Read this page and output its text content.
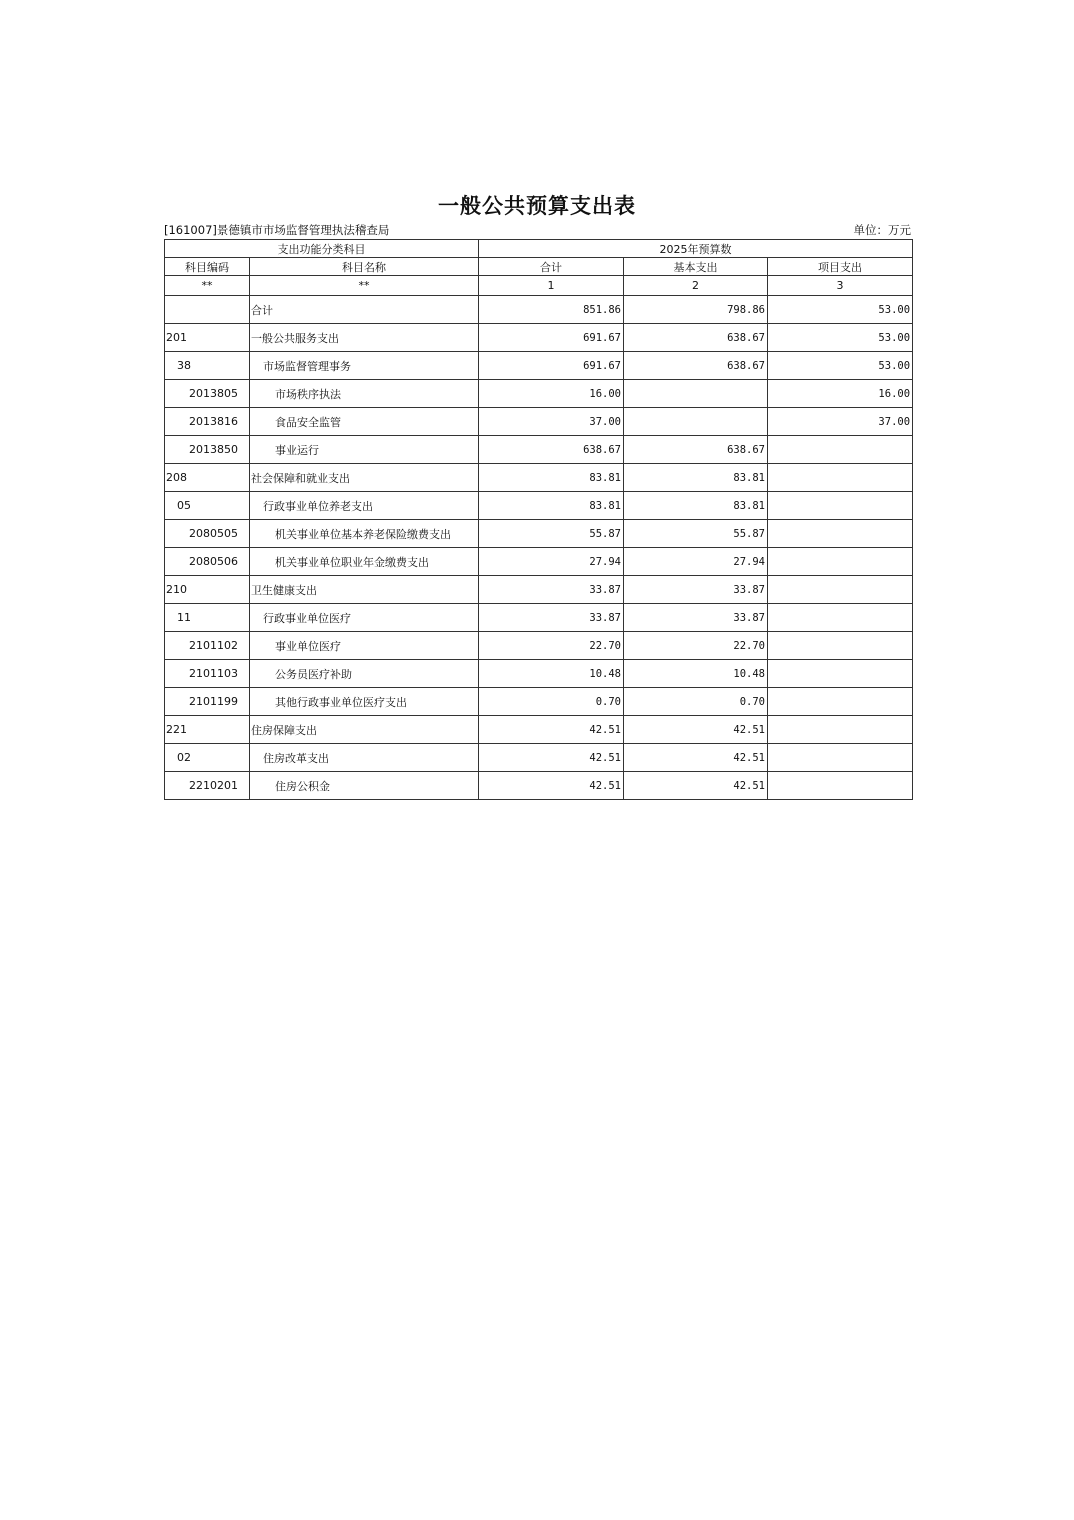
一般公共预算支出表
[161007]景德镇市市场监督管理执法稽查局	单位：万元
支出功能分类科目		2025年预算数		
科目编码	科目名称	合计	基本支出	项目支出
**	**	1	2	3
	合计	851.86	798.86	53.00
201	一般公共服务支出	691.67	638.67	53.00
38	市场监督管理事务	691.67	638.67	53.00
2013805	市场秩序执法	16.00		16.00
2013816	食品安全监管	37.00		37.00
2013850	事业运行	638.67	638.67	
208	社会保障和就业支出	83.81	83.81	
05	行政事业单位养老支出	83.81	83.81	
2080505	机关事业单位基本养老保险缴费支出	55.87	55.87	
2080506	机关事业单位职业年金缴费支出	27.94	27.94	
210	卫生健康支出	33.87	33.87	
11	行政事业单位医疗	33.87	33.87	
2101102	事业单位医疗	22.70	22.70	
2101103	公务员医疗补助	10.48	10.48	
2101199	其他行政事业单位医疗支出	0.70	0.70	
221	住房保障支出	42.51	42.51	
02	住房改革支出	42.51	42.51	
2210201	住房公积金	42.51	42.51	
